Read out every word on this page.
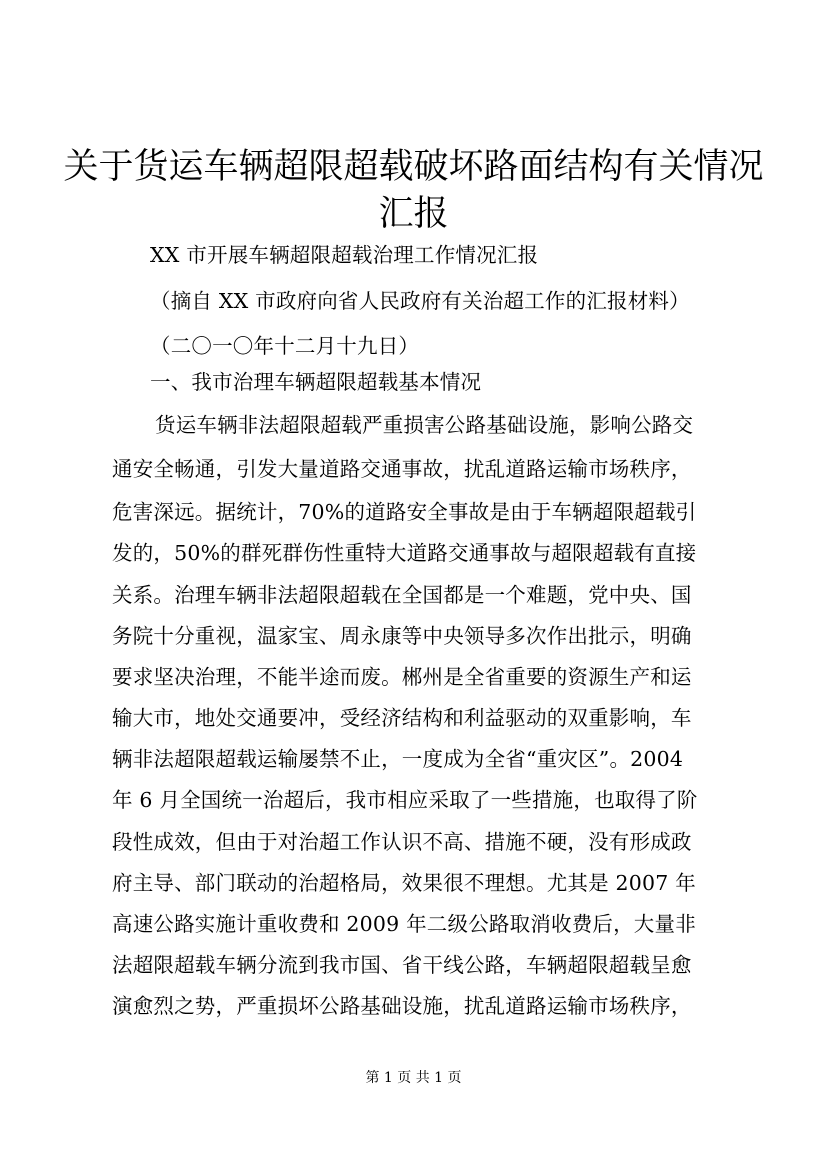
关于货运车辆超限超载破坏路面结构有关情况
汇报
XX 市开展车辆超限超载治理工作情况汇报
（摘自 XX 市政府向省人民政府有关治超工作的汇报材料）
（二〇一〇年十二月十九日）
一、我市治理车辆超限超载基本情况
货运车辆非法超限超载严重损害公路基础设施，影响公路交
通安全畅通，引发大量道路交通事故，扰乱道路运输市场秩序，
危害深远。据统计，70%的道路安全事故是由于车辆超限超载引
发的，50%的群死群伤性重特大道路交通事故与超限超载有直接
关系。治理车辆非法超限超载在全国都是一个难题，党中央、国
务院十分重视，温家宝、周永康等中央领导多次作出批示，明确
要求坚决治理，不能半途而废。郴州是全省重要的资源生产和运
输大市，地处交通要冲，受经济结构和利益驱动的双重影响，车
辆非法超限超载运输屡禁不止，一度成为全省“重灾区”。2004
年 6 月全国统一治超后，我市相应采取了一些措施，也取得了阶
段性成效，但由于对治超工作认识不高、措施不硬，没有形成政
府主导、部门联动的治超格局，效果很不理想。尤其是 2007 年
高速公路实施计重收费和 2009 年二级公路取消收费后，大量非
法超限超载车辆分流到我市国、省干线公路，车辆超限超载呈愈
演愈烈之势，严重损坏公路基础设施，扰乱道路运输市场秩序，
第 1 页 共 1 页
